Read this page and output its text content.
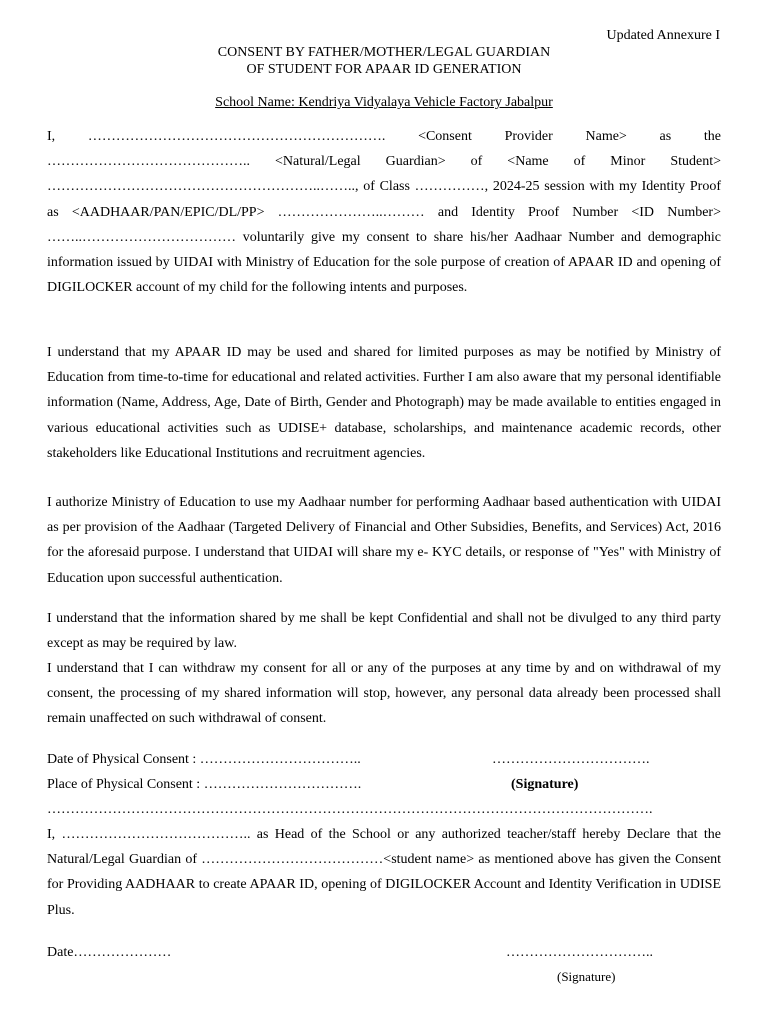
Updated Annexure I
CONSENT BY FATHER/MOTHER/LEGAL GUARDIAN
OF STUDENT FOR APAAR ID GENERATION
School Name: Kendriya Vidyalaya Vehicle Factory Jabalpur

I, ………………………………………………………. <Consent Provider Name> as the …………………………………….. <Natural/Legal Guardian> of <Name of Minor Student> …………………………………………………..…….., of Class ……………, 2024-25 session with my Identity Proof as <AADHAAR/PAN/EPIC/DL/PP> …………………..……… and Identity Proof Number <ID Number> ……..…………………………… voluntarily give my consent to share his/her Aadhaar Number and demographic information issued by UIDAI with Ministry of Education for the sole purpose of creation of APAAR ID and opening of DIGILOCKER account of my child for the following intents and purposes.

I understand that my APAAR ID may be used and shared for limited purposes as may be notified by Ministry of Education from time-to-time for educational and related activities. Further I am also aware that my personal identifiable information (Name, Address, Age, Date of Birth, Gender and Photograph) may be made available to entities engaged in various educational activities such as UDISE+ database, scholarships, and maintenance academic records, other stakeholders like Educational Institutions and recruitment agencies.

I authorize Ministry of Education to use my Aadhaar number for performing Aadhaar based authentication with UIDAI as per provision of the Aadhaar (Targeted Delivery of Financial and Other Subsidies, Benefits, and Services) Act, 2016 for the aforesaid purpose. I understand that UIDAI will share my e- KYC details, or response of "Yes" with Ministry of Education upon successful authentication.

I understand that the information shared by me shall be kept Confidential and shall not be divulged to any third party except as may be required by law.

I understand that I can withdraw my consent for all or any of the purposes at any time by and on withdrawal of my consent, the processing of my shared information will stop, however, any personal data already been processed shall remain unaffected on such withdrawal of consent.

Date of Physical Consent : ……………………………..	…………………………….
Place of Physical Consent : …………………………….	(Signature)
………………………………………………………………………………………………………………….

I, ………………………………….. as Head of the School or any authorized teacher/staff hereby Declare that the Natural/Legal Guardian of …………………………………<student name> as mentioned above has given the Consent for Providing AADHAAR to create APAAR ID, opening of DIGILOCKER Account and Identity Verification in UDISE Plus.

Date…………………	…………………………..
(Signature)
